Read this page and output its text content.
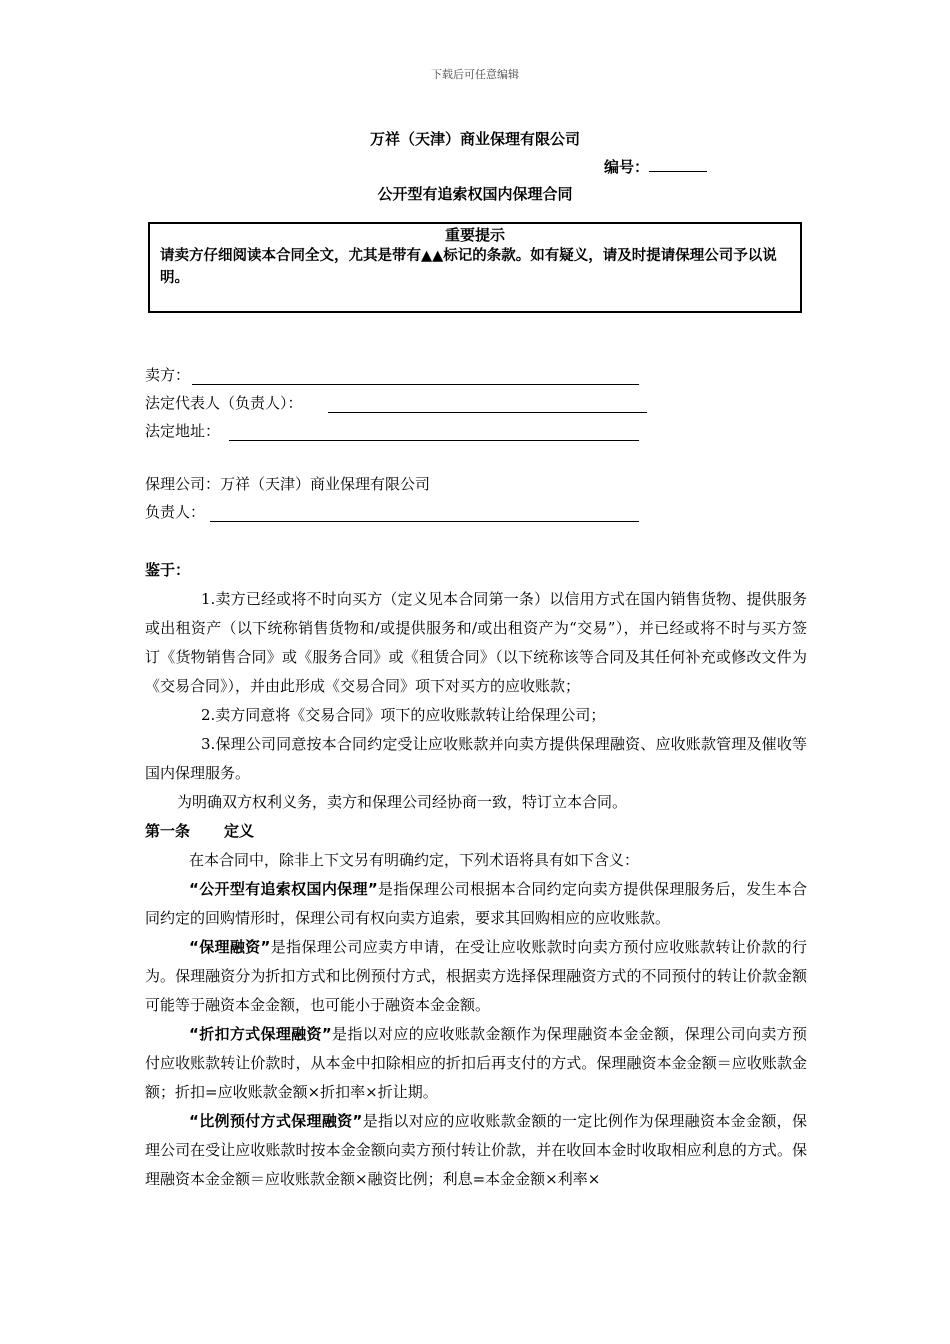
下载后可任意编辑
万祥（天津）商业保理有限公司
编号：
公开型有追索权国内保理合同
重要提示
请卖方仔细阅读本合同全文，尤其是带有▲▲标记的条款。如有疑义，请及时提请保理公司予以说明。
卖方：
法定代表人（负责人）：
法定地址：
保理公司：万祥（天津）商业保理有限公司
负责人：

鉴于：

1.卖方已经或将不时向买方（定义见本合同第一条）以信用方式在国内销售货物、提供服务或出租资产（以下统称销售货物和/或提供服务和/或出租资产为“交易”），并已经或将不时与买方签订《货物销售合同》或《服务合同》或《租赁合同》（以下统称该等合同及其任何补充或修改文件为《交易合同》），并由此形成《交易合同》项下对买方的应收账款；

2.卖方同意将《交易合同》项下的应收账款转让给保理公司；

3.保理公司同意按本合同约定受让应收账款并向卖方提供保理融资、应收账款管理及催收等国内保理服务。

为明确双方权利义务，卖方和保理公司经协商一致，特订立本合同。

第一条 定义

在本合同中，除非上下文另有明确约定，下列术语将具有如下含义：

“公开型有追索权国内保理”是指保理公司根据本合同约定向卖方提供保理服务后，发生本合同约定的回购情形时，保理公司有权向卖方追索，要求其回购相应的应收账款。

“保理融资”是指保理公司应卖方申请，在受让应收账款时向卖方预付应收账款转让价款的行为。保理融资分为折扣方式和比例预付方式，根据卖方选择保理融资方式的不同预付的转让价款金额可能等于融资本金金额，也可能小于融资本金金额。

“折扣方式保理融资”是指以对应的应收账款金额作为保理融资本金金额，保理公司向卖方预付应收账款转让价款时，从本金中扣除相应的折扣后再支付的方式。保理融资本金金额＝应收账款金额；折扣=应收账款金额×折扣率×折让期。

“比例预付方式保理融资”是指以对应的应收账款金额的一定比例作为保理融资本金金额，保理公司在受让应收账款时按本金金额向卖方预付转让价款，并在收回本金时收取相应利息的方式。保理融资本金金额＝应收账款金额×融资比例；利息=本金金额×利率×
